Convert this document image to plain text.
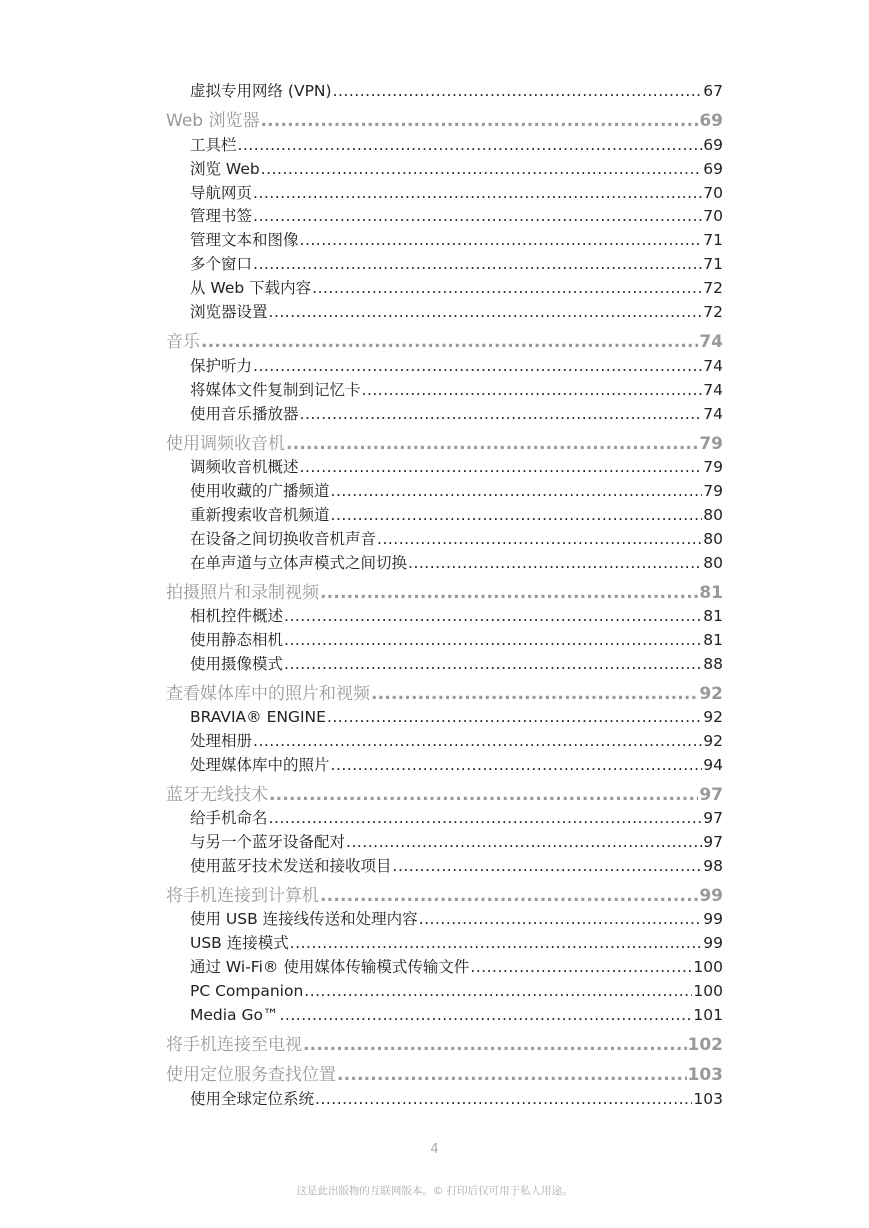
虚拟专用网络 (VPN) .....	67
Web 浏览器 .....	69
工具栏 .....	69
浏览 Web .....	69
导航网页 .....	70
管理书签 .....	70
管理文本和图像 .....	71
多个窗口 .....	71
从 Web 下载内容 .....	72
浏览器设置 .....	72
音乐 .....	74
保护听力 .....	74
将媒体文件复制到记忆卡 .....	74
使用音乐播放器 .....	74
使用调频收音机 .....	79
调频收音机概述 .....	79
使用收藏的广播频道 .....	79
重新搜索收音机频道 .....	80
在设备之间切换收音机声音 .....	80
在单声道与立体声模式之间切换 .....	80
拍摄照片和录制视频 .....	81
相机控件概述 .....	81
使用静态相机 .....	81
使用摄像模式 .....	88
查看媒体库中的照片和视频 .....	92
BRAVIA® ENGINE .....	92
处理相册 .....	92
处理媒体库中的照片 .....	94
蓝牙无线技术 .....	97
给手机命名 .....	97
与另一个蓝牙设备配对 .....	97
使用蓝牙技术发送和接收项目 .....	98
将手机连接到计算机 .....	99
使用 USB 连接线传送和处理内容 .....	99
USB 连接模式 .....	99
通过 Wi-Fi® 使用媒体传输模式传输文件 .....	100
PC Companion .....	100
Media Go™ .....	101
将手机连接至电视 .....	102
使用定位服务查找位置 .....	103
使用全球定位系统 .....	103
4
这是此出版物的互联网版本。© 打印后仅可用于私人用途。
